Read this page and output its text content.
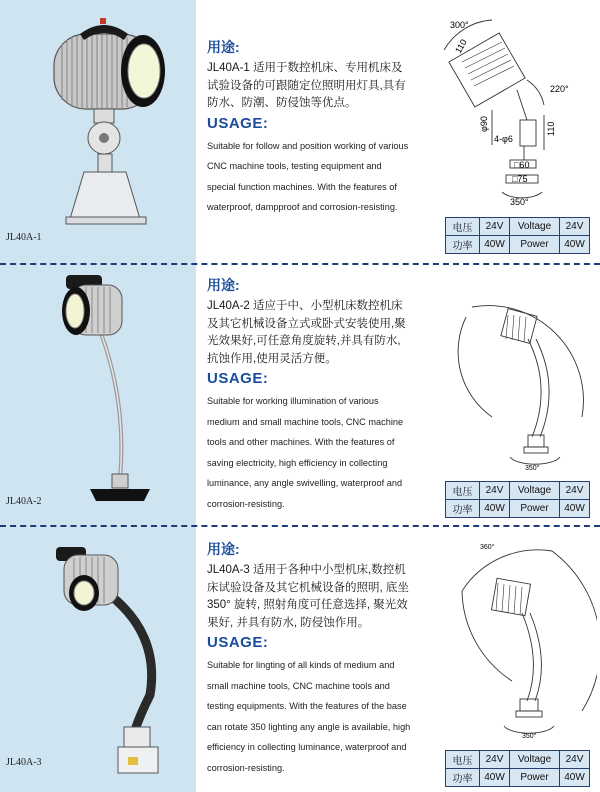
JL40A-1
用途:
JL40A-1 适用于数控机床、专用机床及试验设备的可跟随定位照明用灯具,具有防水、防潮、防侵蚀等优点。
USAGE:
Suitable for follow and position working of various CNC machine tools, testing equipment and special function machines. With the features of waterproof, dampproof and corrosion-resisting.
300°
110
220°
φ90
4-φ6
110
□60
□75
350°
电压	24V	Voltage	24V
功率	40W	Power	40W
JL40A-2
用途:
JL40A-2 适应于中、小型机床数控机床及其它机械设备立式或卧式安装使用,聚光效果好,可任意角度旋转,并具有防水,抗蚀作用,使用灵活方便。
USAGE:
Suitable for working illumination of various medium and small machine tools, CNC machine tools and other machines. With the features of saving electricity, high efficiency in collecting luminance, any angle swivelling, waterproof and corrosion-resisting.
350°
电压	24V	Voltage	24V
功率	40W	Power	40W
JL40A-3
用途:
JL40A-3 适用于各种中小型机床,数控机床试验设备及其它机械设备的照明, 底坐350° 旋转, 照射角度可任意选择, 聚光效果好, 并具有防水, 防侵蚀作用。
USAGE:
Suitable for lingting of all kinds of medium and small machine tools, CNC machine tools and testing equipments. With the features of the base can rotate 350 lighting any angle is available, high efficiency in collecting luminance, waterproof and corrosion-resisting.
360°
350°
电压	24V	Voltage	24V
功率	40W	Power	40W
